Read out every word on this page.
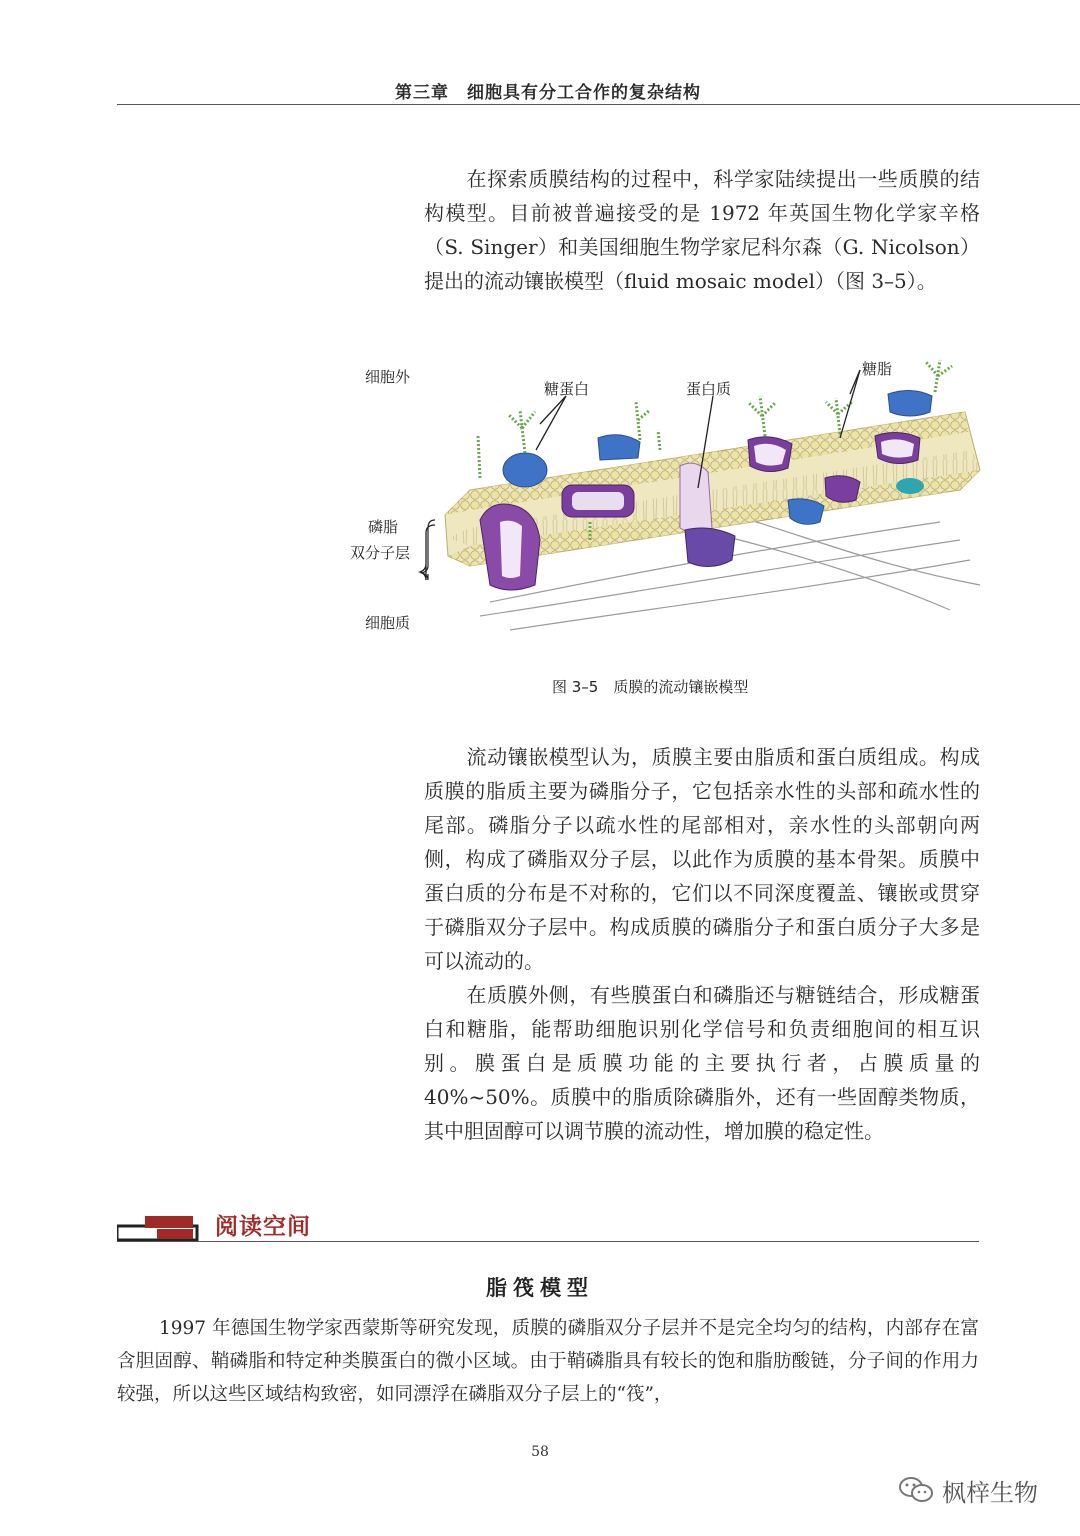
第三章　细胞具有分工合作的复杂结构
在探索质膜结构的过程中，科学家陆续提出一些质膜的结构模型。目前被普遍接受的是 1972 年英国生物化学家辛格（S. Singer）和美国细胞生物学家尼科尔森（G. Nicolson）提出的流动镶嵌模型（fluid mosaic model）（图 3–5）。
细胞外
糖蛋白	蛋白质
糖脂
磷脂
双分子层
细胞质
图 3–5　质膜的流动镶嵌模型
流动镶嵌模型认为，质膜主要由脂质和蛋白质组成。构成质膜的脂质主要为磷脂分子，它包括亲水性的头部和疏水性的尾部。磷脂分子以疏水性的尾部相对，亲水性的头部朝向两侧，构成了磷脂双分子层，以此作为质膜的基本骨架。质膜中蛋白质的分布是不对称的，它们以不同深度覆盖、镶嵌或贯穿于磷脂双分子层中。构成质膜的磷脂分子和蛋白质分子大多是可以流动的。
在质膜外侧，有些膜蛋白和磷脂还与糖链结合，形成糖蛋白和糖脂，能帮助细胞识别化学信号和负责细胞间的相互识别。膜蛋白是质膜功能的主要执行者，占膜质量的 40%~50%。质膜中的脂质除磷脂外，还有一些固醇类物质，其中胆固醇可以调节膜的流动性，增加膜的稳定性。
阅读空间
脂筏模型
1997 年德国生物学家西蒙斯等研究发现，质膜的磷脂双分子层并不是完全均匀的结构，内部存在富含胆固醇、鞘磷脂和特定种类膜蛋白的微小区域。由于鞘磷脂具有较长的饱和脂肪酸链，分子间的作用力较强，所以这些区域结构致密，如同漂浮在磷脂双分子层上的“筏”，
58
枫梓生物
